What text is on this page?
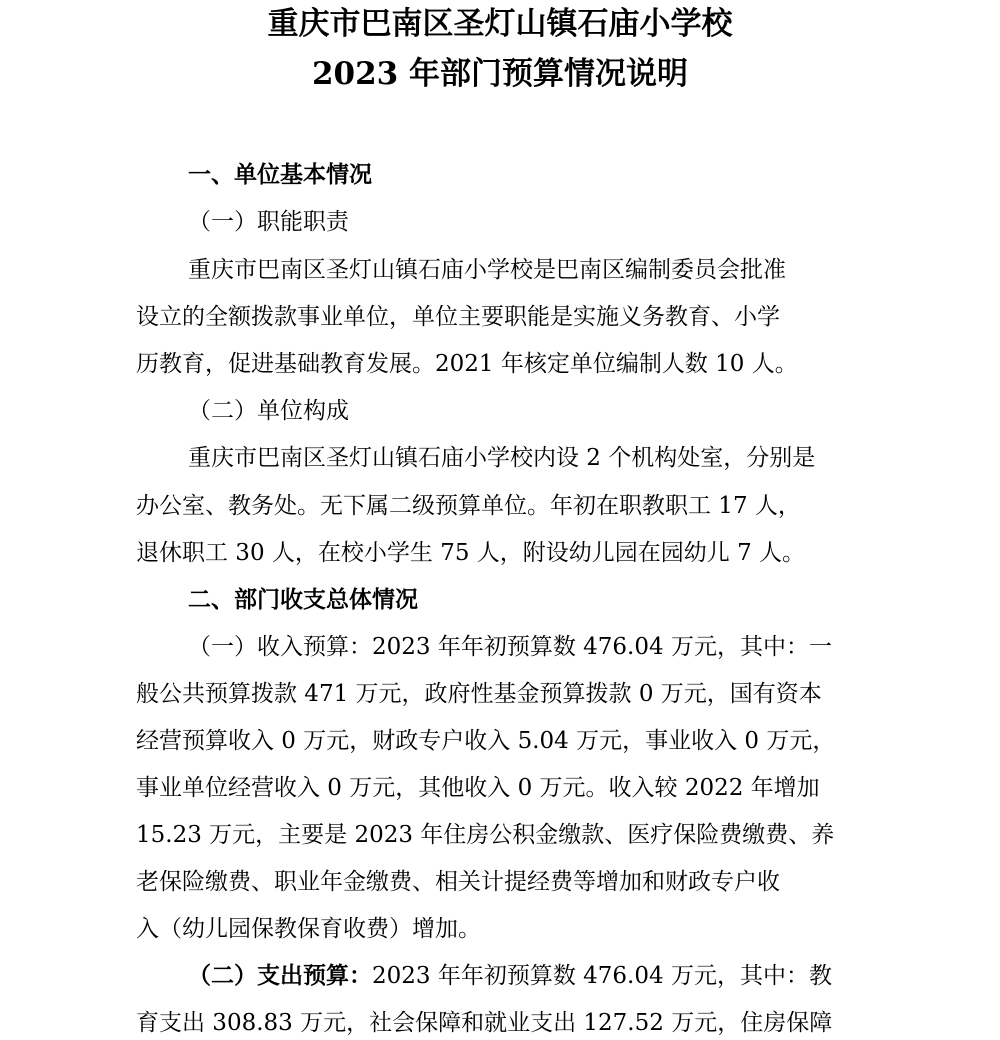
重庆市巴南区圣灯山镇石庙小学校
2023 年部门预算情况说明
一、单位基本情况
（一）职能职责
重庆市巴南区圣灯山镇石庙小学校是巴南区编制委员会批准
设立的全额拨款事业单位，单位主要职能是实施义务教育、小学
历教育，促进基础教育发展。2021 年核定单位编制人数 10 人。
（二）单位构成
重庆市巴南区圣灯山镇石庙小学校内设 2 个机构处室，分别是
办公室、教务处。无下属二级预算单位。年初在职教职工 17 人，
退休职工 30 人，在校小学生 75 人，附设幼儿园在园幼儿 7 人。
二、部门收支总体情况
（一）收入预算：2023 年年初预算数 476.04 万元，其中：一
般公共预算拨款 471 万元，政府性基金预算拨款 0 万元，国有资本
经营预算收入 0 万元，财政专户收入 5.04 万元，事业收入 0 万元，
事业单位经营收入 0 万元，其他收入 0 万元。收入较 2022 年增加
15.23 万元，主要是 2023 年住房公积金缴款、医疗保险费缴费、养
老保险缴费、职业年金缴费、相关计提经费等增加和财政专户收
入（幼儿园保教保育收费）增加。
（二）支出预算：2023 年年初预算数 476.04 万元，其中：教
育支出 308.83 万元，社会保障和就业支出 127.52 万元，住房保障
